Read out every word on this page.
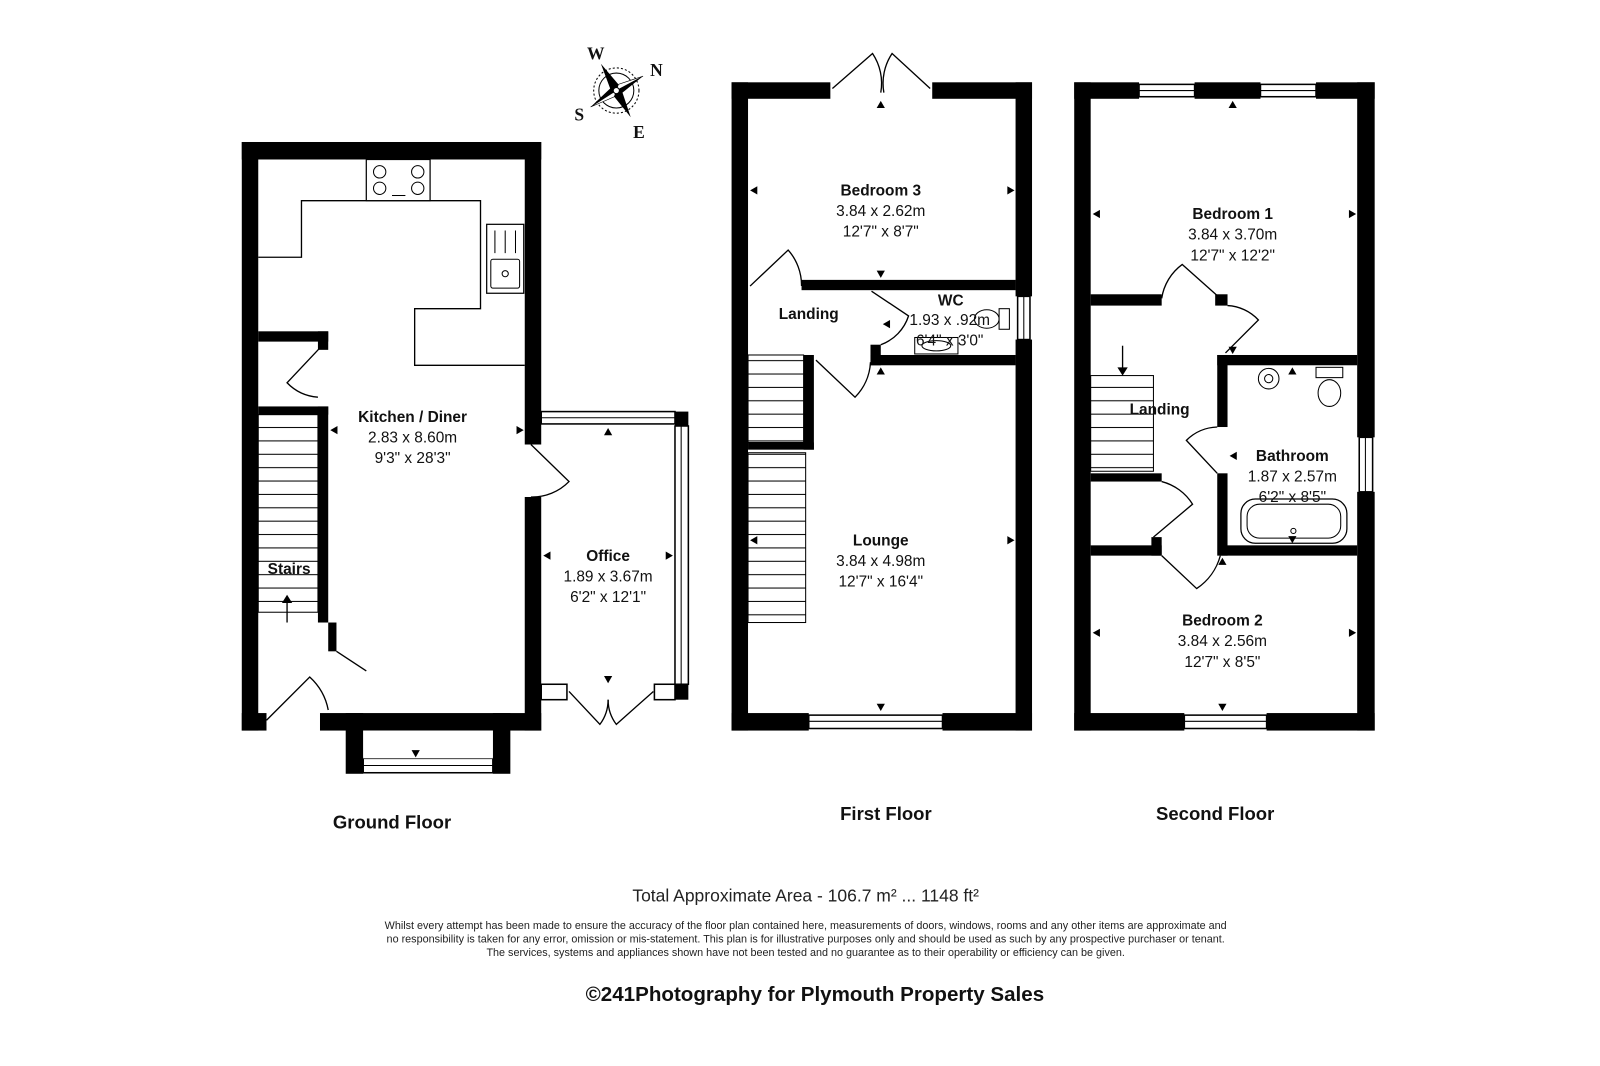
W
N
S
E
Kitchen / Diner
2.83 x 8.60m
9'3" x 28'3"
Office
1.89 x 3.67m
6'2" x 12'1"
Stairs
Ground Floor
Bedroom 3
3.84 x 2.62m
12'7" x 8'7"
WC
1.93 x .92m
6'4" x 3'0"
Landing
Lounge
3.84 x 4.98m
12'7" x 16'4"
First Floor
Bedroom 1
3.84 x 3.70m
12'7" x 12'2"
Landing
Bathroom
1.87 x 2.57m
6'2" x 8'5"
Bedroom 2
3.84 x 2.56m
12'7" x 8'5"
Second Floor
Total Approximate Area - 106.7 m² ... 1148 ft²
Whilst every attempt has been made to ensure the accuracy of the floor plan contained here, measurements of doors, windows, rooms and any other items are approximate and
no responsibility is taken for any error, omission or mis-statement. This plan is for illustrative purposes only and should be used as such by any prospective purchaser or tenant.
The services, systems and appliances shown have not been tested and no guarantee as to their operability or efficiency can be given.
©241Photography for Plymouth Property Sales
